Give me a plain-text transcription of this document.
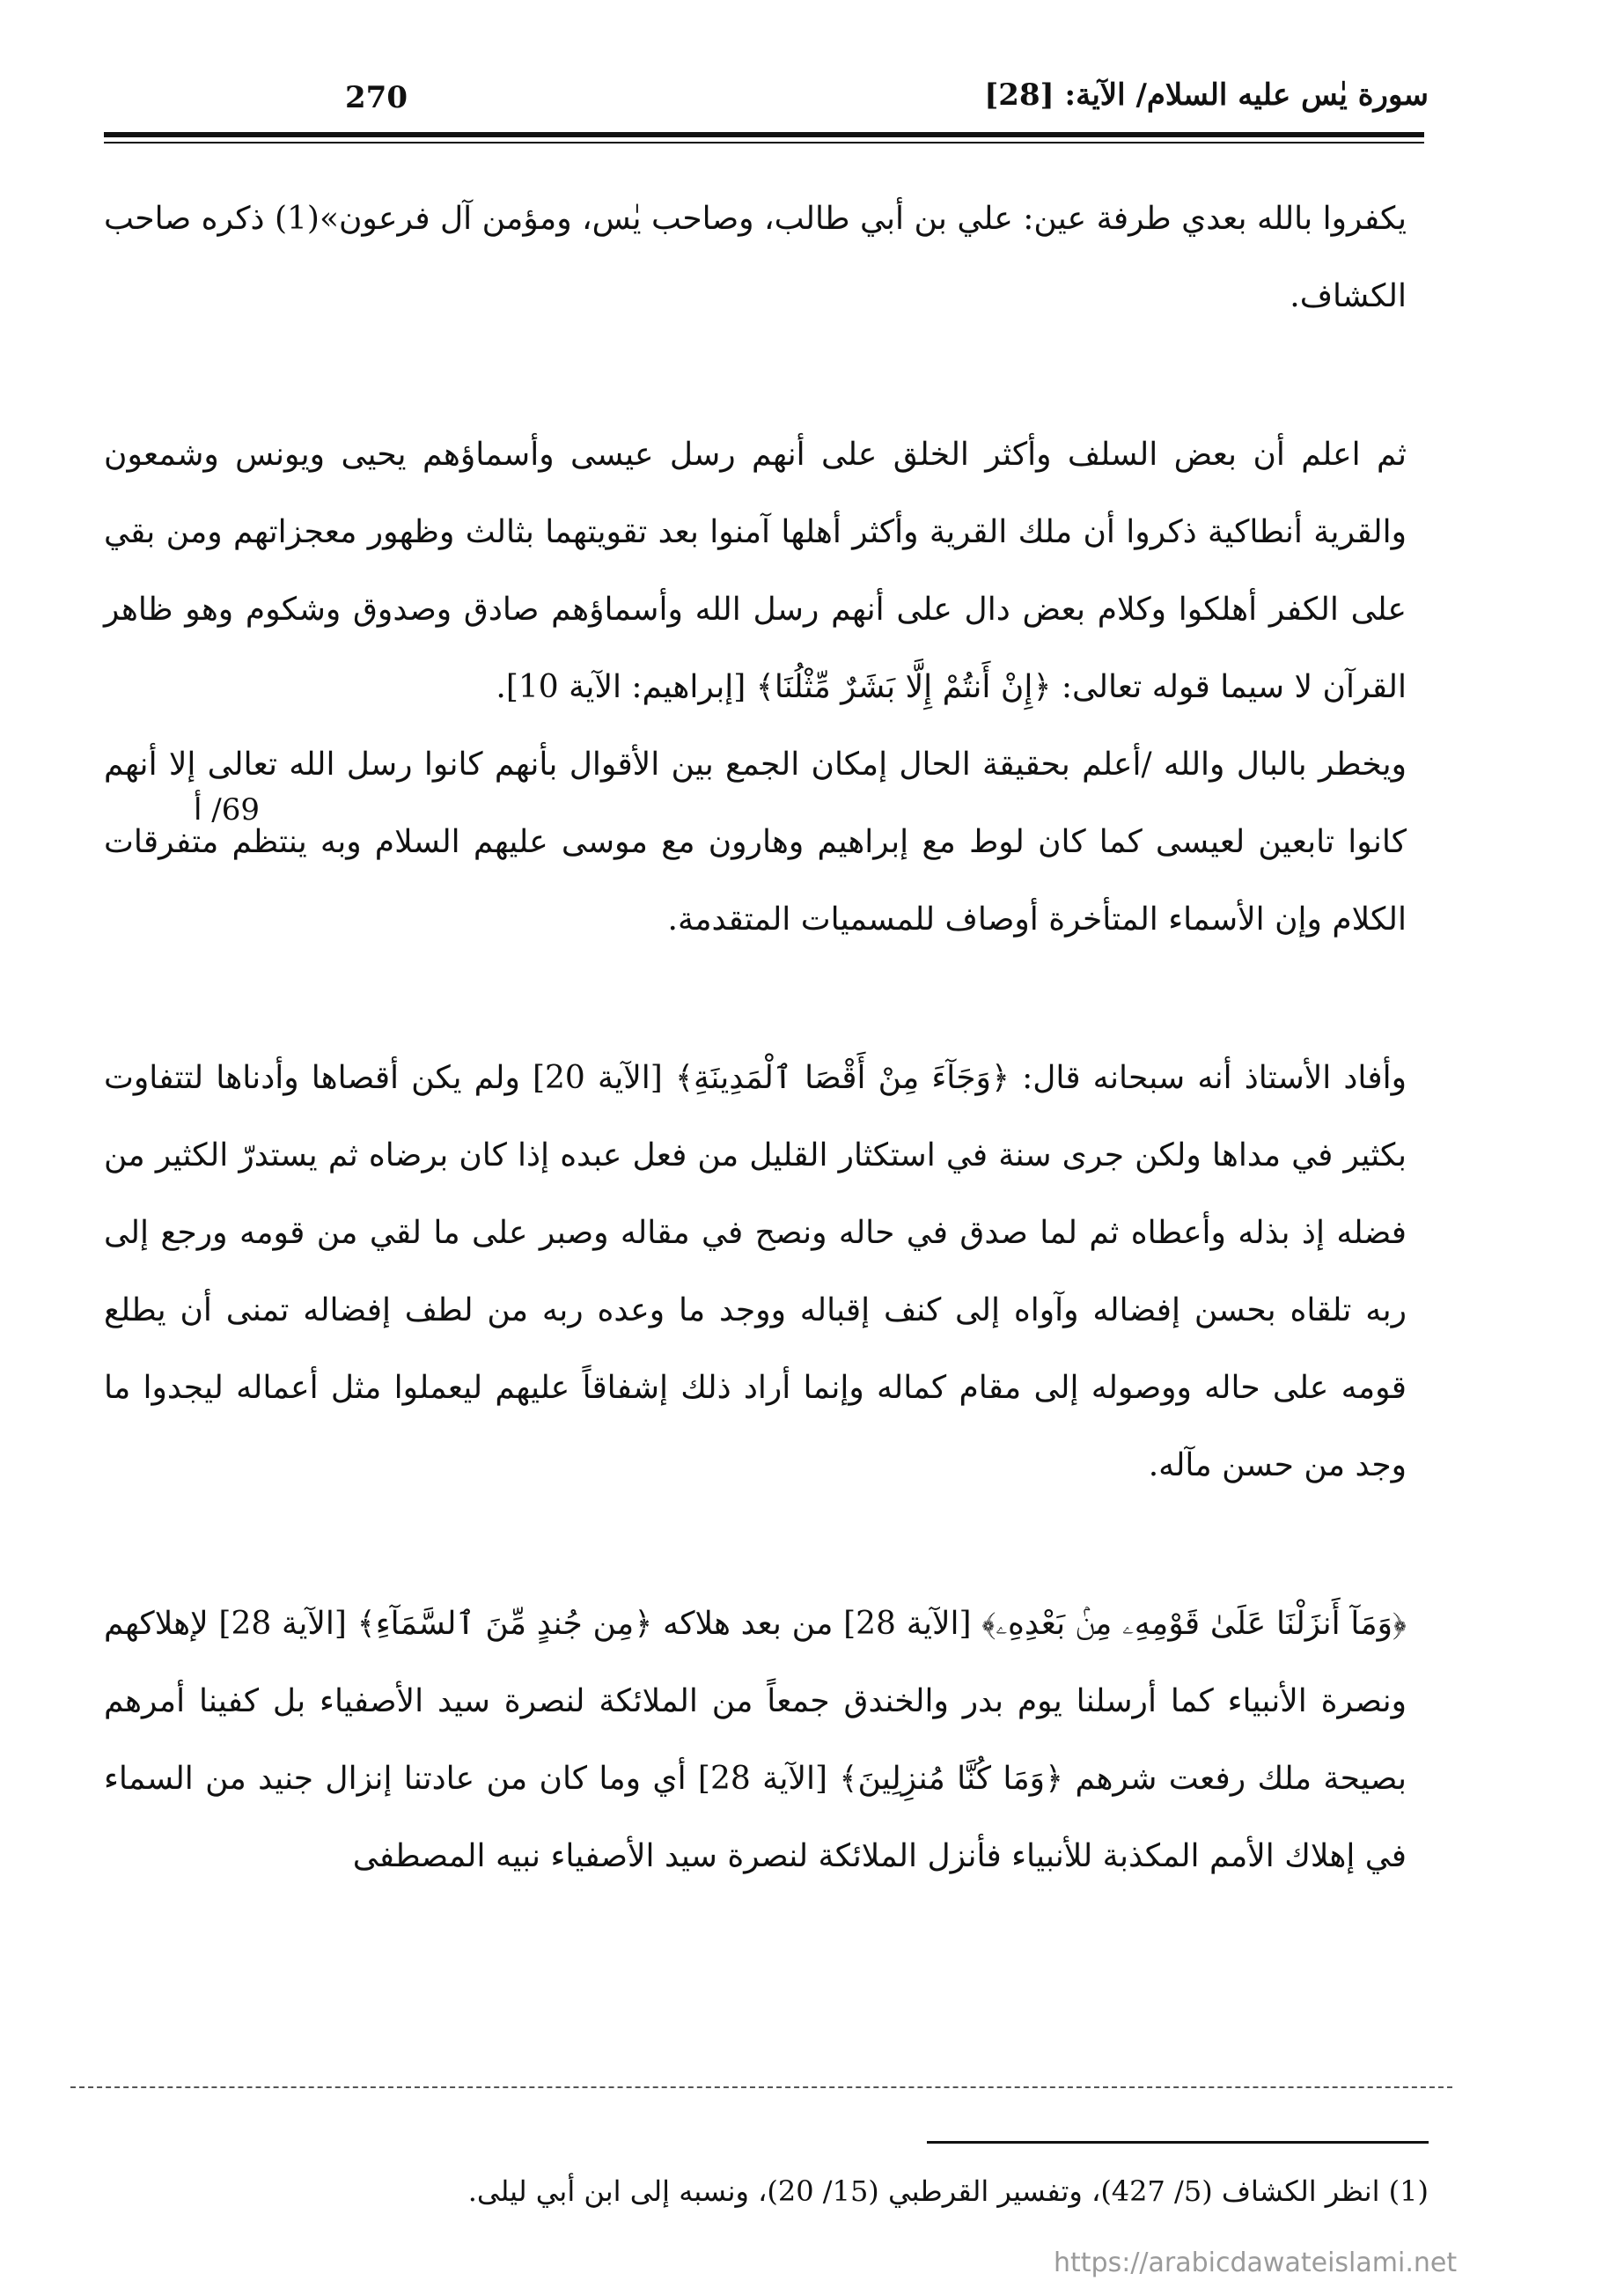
270	سورة يٰس عليه السلام/ الآية: [28]
69/ أ

يكفروا بالله بعدي طرفة عين: علي بن أبي طالب، وصاحب يٰس، ومؤمن آل فرعون»(1) ذكره صاحب الكشاف.

ثم اعلم أن بعض السلف وأكثر الخلق على أنهم رسل عيسى وأسماؤهم يحيى ويونس وشمعون والقرية أنطاكية ذكروا أن ملك القرية وأكثر أهلها آمنوا بعد تقويتهما بثالث وظهور معجزاتهم ومن بقي على الكفر أهلكوا وكلام بعض دال على أنهم رسل الله وأسماؤهم صادق وصدوق وشكوم وهو ظاهر القرآن لا سيما قوله تعالى: ﴿إِنْ أَنتُمْ إِلَّا بَشَرٌ مِّثْلُنَا﴾ [إبراهيم: الآية 10].

ويخطر بالبال والله /أعلم بحقيقة الحال إمكان الجمع بين الأقوال بأنهم كانوا رسل الله تعالى إلا أنهم كانوا تابعين لعيسى كما كان لوط مع إبراهيم وهارون مع موسى عليهم السلام وبه ينتظم متفرقات الكلام وإن الأسماء المتأخرة أوصاف للمسميات المتقدمة.

وأفاد الأستاذ أنه سبحانه قال: ﴿وَجَآءَ مِنْ أَقْصَا ٱلْمَدِينَةِ﴾ [الآية 20] ولم يكن أقصاها وأدناها لتتفاوت بكثير في مداها ولكن جرى سنة في استكثار القليل من فعل عبده إذا كان برضاه ثم يستدرّ الكثير من فضله إذ بذله وأعطاه ثم لما صدق في حاله ونصح في مقاله وصبر على ما لقي من قومه ورجع إلى ربه تلقاه بحسن إفضاله وآواه إلى كنف إقباله ووجد ما وعده ربه من لطف إفضاله تمنى أن يطلع قومه على حاله ووصوله إلى مقام كماله وإنما أراد ذلك إشفاقاً عليهم ليعملوا مثل أعماله ليجدوا ما وجد من حسن مآله.

﴿وَمَآ أَنزَلْنَا عَلَىٰ قَوْمِهِۦ مِنۢ بَعْدِهِۦ﴾ [الآية 28] من بعد هلاكه ﴿مِن جُندٍ مِّنَ ٱلسَّمَآءِ﴾ [الآية 28] لإهلاكهم ونصرة الأنبياء كما أرسلنا يوم بدر والخندق جمعاً من الملائكة لنصرة سيد الأصفياء بل كفينا أمرهم بصيحة ملك رفعت شرهم ﴿وَمَا كُنَّا مُنزِلِينَ﴾ [الآية 28] أي وما كان من عادتنا إنزال جنيد من السماء في إهلاك الأمم المكذبة للأنبياء فأنزل الملائكة لنصرة سيد الأصفياء نبيه المصطفى

(1) انظر الكشاف (5/ 427)، وتفسير القرطبي (15/ 20)، ونسبه إلى ابن أبي ليلى.
https://arabicdawateislami.net
